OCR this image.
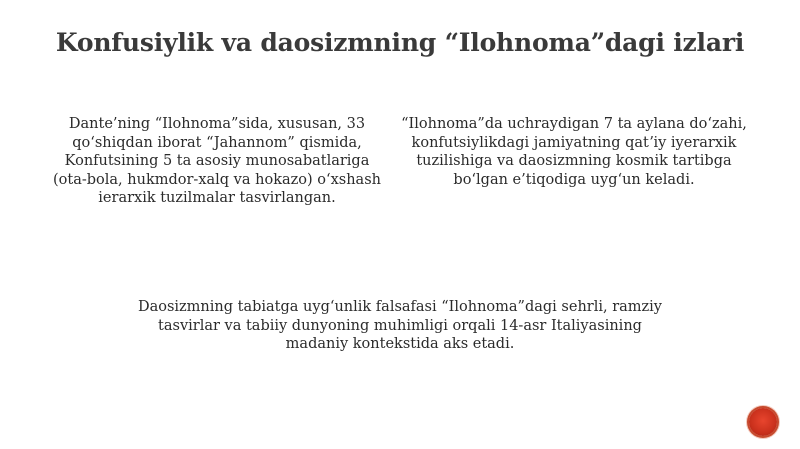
Konfusiylik va daosizmning “Ilohnoma”dagi izlari
Dante’ning “Ilohnoma”sida, xususan, 33 qoʻshiqdan iborat “Jahannom” qismida, Konfutsining 5 ta asosiy munosabatlariga (ota-bola, hukmdor-xalq va hokazo) oʻxshash ierarxik tuzilmalar tasvirlangan.
“Ilohnoma”da uchraydigan 7 ta aylana doʻzahi, konfutsiylikdagi jamiyatning qatʼiy iyerarxik tuzilishiga va daosizmning kosmik tartibga boʻlgan e’tiqodiga uygʻun keladi.
Daosizmning tabiatga uygʻunlik falsafasi “Ilohnoma”dagi sehrli, ramziy tasvirlar va tabiiy dunyoning muhimligi orqali 14-asr Italiyasining madaniy kontekstida aks etadi.
